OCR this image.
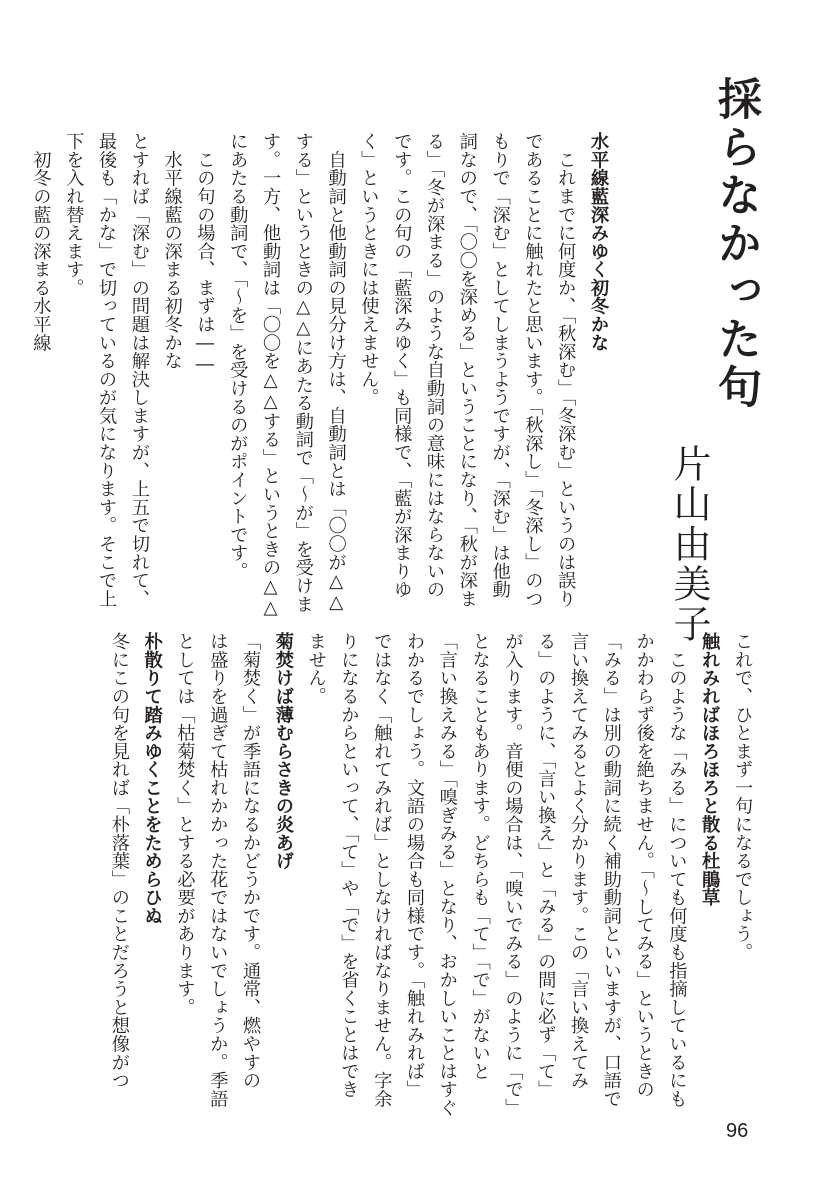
採らなかった句
片山由美子
水平線藍深みゆく初冬かな
　これまでに何度か、「秋深む」「冬深む」というのは誤り
であることに触れたと思います。「秋深し」「冬深し」のつ
もりで「深む」としてしまうようですが、「深む」は他動
詞なので、「〇〇を深める」ということになり、「秋が深ま
る」「冬が深まる」のような自動詞の意味にはならないの
です。この句の「藍深みゆく」も同様で、「藍が深まりゆ
く」というときには使えません。
　自動詞と他動詞の見分け方は、自動詞とは「〇〇が△△
する」というときの△△にあたる動詞で「～が」を受けま
す。一方、他動詞は「〇〇を△△する」というときの△△
にあたる動詞で、「～を」を受けるのがポイントです。
　この句の場合、まずは――
　水平線藍の深まる初冬かな
とすれば「深む」の問題は解決しますが、上五で切れて、
最後も「かな」で切っているのが気になります。そこで上
下を入れ替えます。
　初冬の藍の深まる水平線
これで、ひとまず一句になるでしょう。
触れみればほろほろと散る杜鵑草
　このような「みる」についても何度も指摘しているにも
かかわらず後を絶ちません。「～してみる」というときの
「みる」は別の動詞に続く補助動詞といいますが、口語で
言い換えてみるとよく分かります。この「言い換えてみ
る」のように、「言い換え」と「みる」の間に必ず「て」
が入ります。音便の場合は、「嗅いでみる」のように「で」
となることもあります。どちらも「て」「で」がないと
「言い換えみる」「嗅ぎみる」となり、おかしいことはすぐ
わかるでしょう。文語の場合も同様です。「触れみれば」
ではなく「触れてみれば」としなければなりません。字余
りになるからといって、「て」や「で」を省くことはでき
ません。
菊焚けば薄むらさきの炎あげ
「菊焚く」が季語になるかどうかです。通常、燃やすの
は盛りを過ぎて枯れかかった花ではないでしょうか。季語
としては「枯菊焚く」とする必要があります。
朴散りて踏みゆくことをためらひぬ
冬にこの句を見れば「朴落葉」のことだろうと想像がつ
96
